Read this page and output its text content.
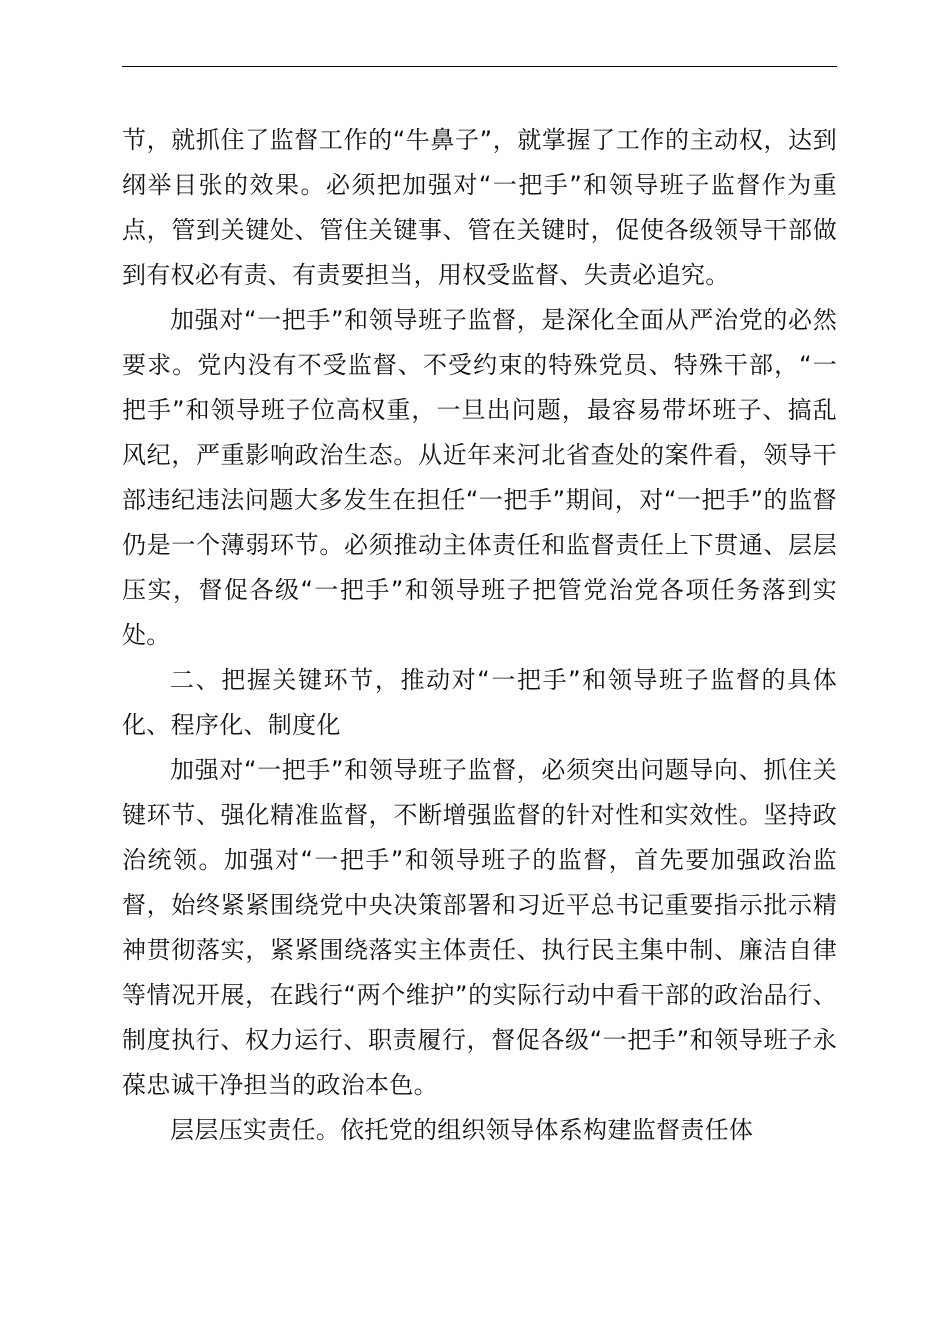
节，就抓住了监督工作的“牛鼻子”，就掌握了工作的主动权，达到纲举目张的效果。必须把加强对“一把手”和领导班子监督作为重点，管到关键处、管住关键事、管在关键时，促使各级领导干部做到有权必有责、有责要担当，用权受监督、失责必追究。

加强对“一把手”和领导班子监督，是深化全面从严治党的必然要求。党内没有不受监督、不受约束的特殊党员、特殊干部，“一把手”和领导班子位高权重，一旦出问题，最容易带坏班子、搞乱风纪，严重影响政治生态。从近年来河北省查处的案件看，领导干部违纪违法问题大多发生在担任“一把手”期间，对“一把手”的监督仍是一个薄弱环节。必须推动主体责任和监督责任上下贯通、层层压实，督促各级“一把手”和领导班子把管党治党各项任务落到实处。

二、把握关键环节，推动对“一把手”和领导班子监督的具体化、程序化、制度化

加强对“一把手”和领导班子监督，必须突出问题导向、抓住关键环节、强化精准监督，不断增强监督的针对性和实效性。坚持政治统领。加强对“一把手”和领导班子的监督，首先要加强政治监督，始终紧紧围绕党中央决策部署和习近平总书记重要指示批示精神贯彻落实，紧紧围绕落实主体责任、执行民主集中制、廉洁自律等情况开展，在践行“两个维护”的实际行动中看干部的政治品行、制度执行、权力运行、职责履行，督促各级“一把手”和领导班子永葆忠诚干净担当的政治本色。

层层压实责任。依托党的组织领导体系构建监督责任体
